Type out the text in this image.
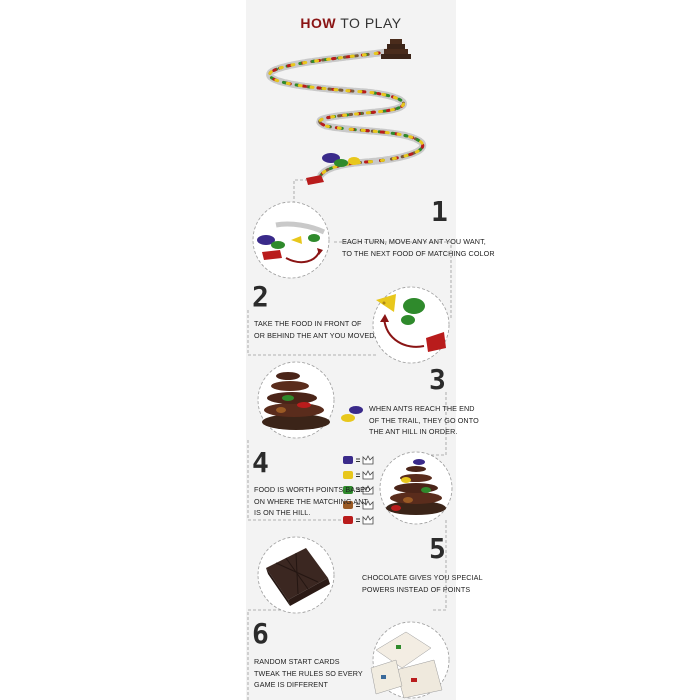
HOW TO PLAY
1
EACH TURN, MOVE ANY ANT YOU WANT,
TO THE NEXT FOOD OF MATCHING COLOR
2
TAKE THE FOOD IN FRONT OF
OR BEHIND THE ANT YOU MOVED.
3
WHEN ANTS REACH THE END
OF THE TRAIL, THEY GO ONTO
THE ANT HILL IN ORDER.
4
FOOD IS WORTH POINTS BASED
ON WHERE THE MATCHING ANT
IS ON THE HILL.
5
CHOCOLATE GIVES YOU SPECIAL
POWERS INSTEAD OF POINTS
6
RANDOM START CARDS
TWEAK THE RULES SO EVERY
GAME IS DIFFERENT
